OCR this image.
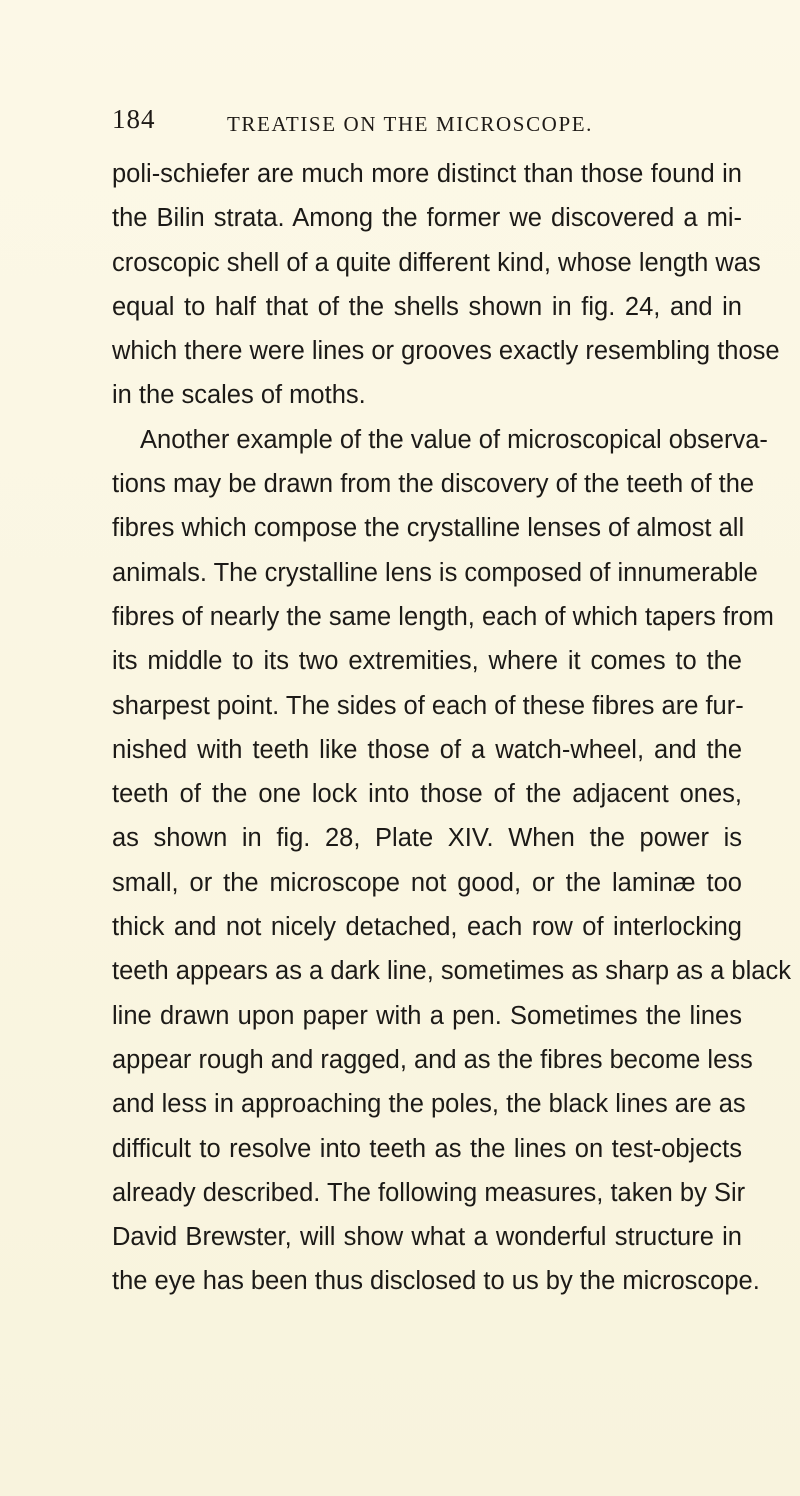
184	TREATISE ON THE MICROSCOPE.
poli-schiefer are much more distinct than those found in
the Bilin strata. Among the former we discovered a mi-
croscopic shell of a quite different kind, whose length was
equal to half that of the shells shown in fig. 24, and in
which there were lines or grooves exactly resembling those
in the scales of moths.
Another example of the value of microscopical observa-
tions may be drawn from the discovery of the teeth of the
fibres which compose the crystalline lenses of almost all
animals. The crystalline lens is composed of innumerable
fibres of nearly the same length, each of which tapers from
its middle to its two extremities, where it comes to the
sharpest point. The sides of each of these fibres are fur-
nished with teeth like those of a watch-wheel, and the
teeth of the one lock into those of the adjacent ones,
as shown in fig. 28, Plate XIV. When the power is
small, or the microscope not good, or the laminæ too
thick and not nicely detached, each row of interlocking
teeth appears as a dark line, sometimes as sharp as a black
line drawn upon paper with a pen. Sometimes the lines
appear rough and ragged, and as the fibres become less
and less in approaching the poles, the black lines are as
difficult to resolve into teeth as the lines on test-objects
already described. The following measures, taken by Sir
David Brewster, will show what a wonderful structure in
the eye has been thus disclosed to us by the microscope.
